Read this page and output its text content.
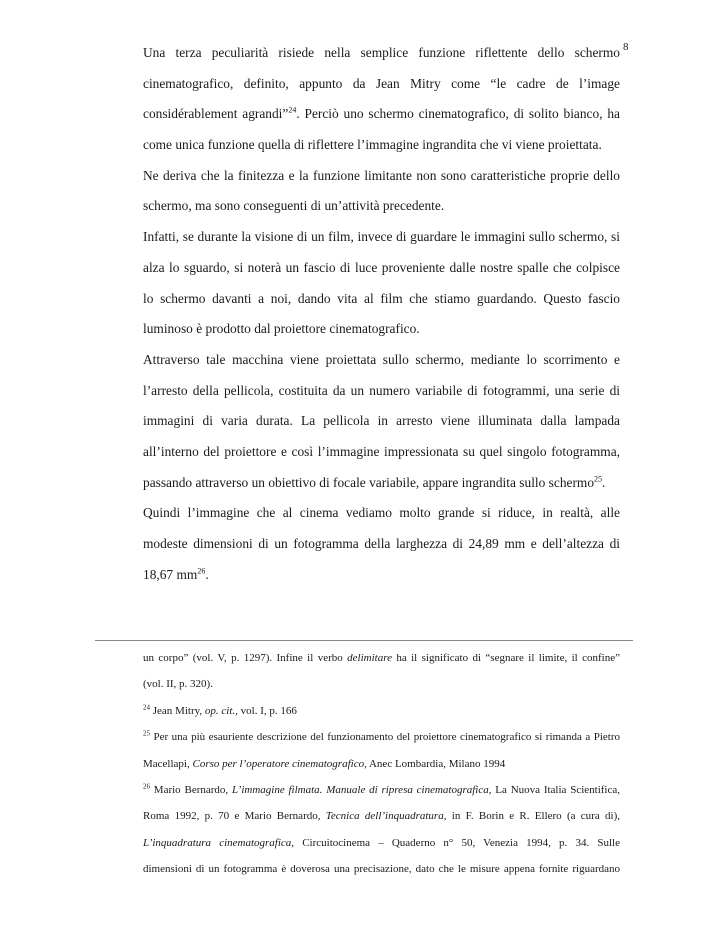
8
Una terza peculiarità risiede nella semplice funzione riflettente dello schermo
cinematografico, definito, appunto da Jean Mitry come “le cadre de l’image
considérablement agrandi”$^{24}$. Perciò uno schermo cinematografico, di solito bianco, ha
come unica funzione quella di riflettere l’immagine ingrandita che vi viene proiettata.
Ne deriva che la finitezza e la funzione limitante non sono caratteristiche proprie dello
schermo, ma sono conseguenti di un’attività precedente.
Infatti, se durante la visione di un film, invece di guardare le immagini sullo schermo, si
alza lo sguardo, si noterà un fascio di luce proveniente dalle nostre spalle che colpisce
lo schermo davanti a noi, dando vita al film che stiamo guardando. Questo fascio
luminoso è prodotto dal proiettore cinematografico.
Attraverso tale macchina viene proiettata sullo schermo, mediante lo scorrimento e
l’arresto della pellicola, costituita da un numero variabile di fotogrammi, una serie di
immagini di varia durata. La pellicola in arresto viene illuminata dalla lampada
all’interno del proiettore e così l’immagine impressionata su quel singolo fotogramma,
passando attraverso un obiettivo di focale variabile, appare ingrandita sullo schermo$^{25}$.
Quindi l’immagine che al cinema vediamo molto grande si riduce, in realtà, alle
modeste dimensioni di un fotogramma della larghezza di 24,89 mm e dell’altezza di
18,67 $mm^{26}$.
un corpo” (vol. V, p. 1297). Infine il verbo delimitare ha il significato di “segnare il limite, il confine”
(vol. II, p. 320).
$^{24}$ Jean Mitry, op. cit., vol. I, p. 166
$^{25}$ Per una più esauriente descrizione del funzionamento del proiettore cinematografico si rimanda a Pietro
Macellapi, Corso per l’operatore cinematografico, Anec Lombardia, Milano 1994
$^{26}$ Mario Bernardo, L’immagine filmata. Manuale di ripresa cinematografica, La Nuova Italia Scientifica,
Roma 1992, p. 70 e Mario Bernardo, Tecnica dell’inquadratura, in F. Borin e R. Ellero (a cura di),
L’inquadratura cinematografica, Circuitocinema – Quaderno n° 50, Venezia 1994, p. 34. Sulle
dimensioni di un fotogramma è doverosa una precisazione, dato che le misure appena fornite riguardano
